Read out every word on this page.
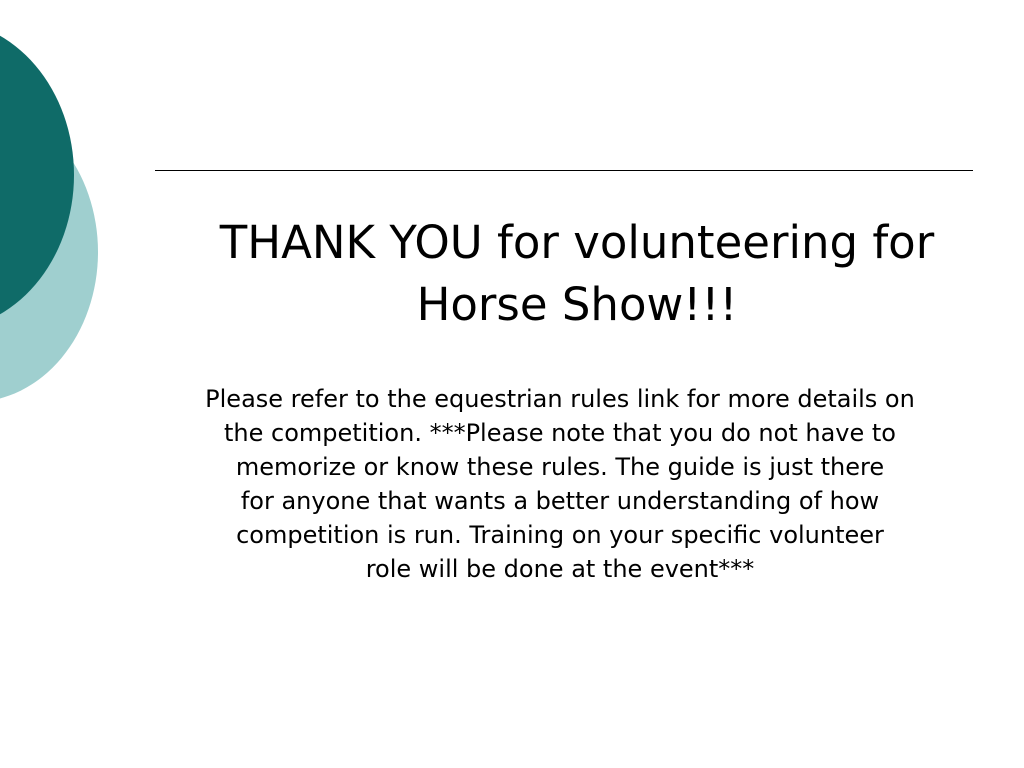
THANK YOU for volunteering for
Horse Show!!!

Please refer to the equestrian rules link for more details on
the competition. ***Please note that you do not have to
memorize or know these rules. The guide is just there
for anyone that wants a better understanding of how
competition is run. Training on your specific volunteer
role will be done at the event***
